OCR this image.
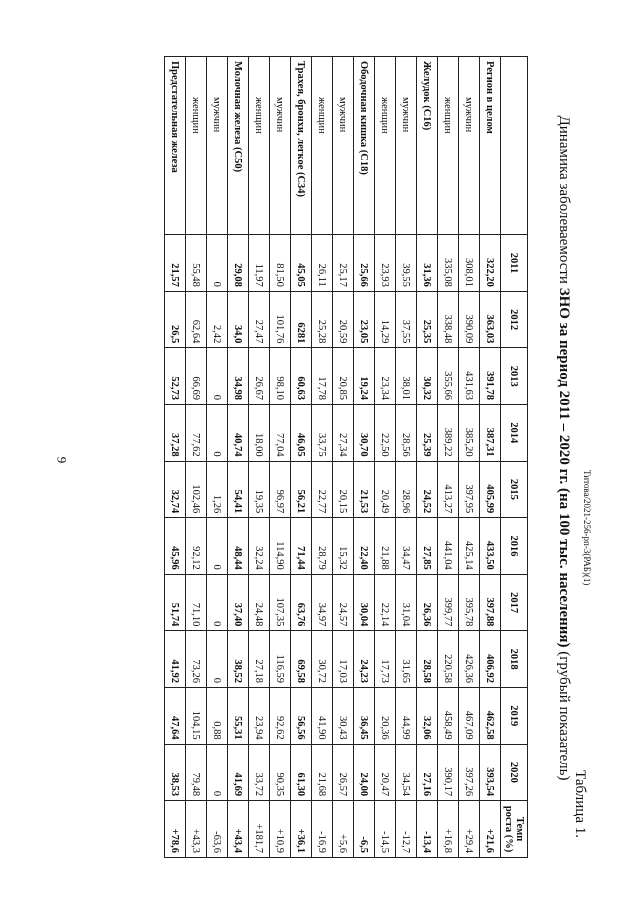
9
Титова/2021-256-рп-3(РАБ)(1)
Таблица 1.
Динамика заболеваемости ЗНО за период 2011 – 2020 гг. (на 100 тыс. населения) (грубый показатель)
	2011	2012	2013	2014	2015	2016	2017	2018	2019	2020	Темп роста (%)
Регион в целом	322,20	363,03	391,78	387,31	405,99	433,50	397,88	406,92	462,58	393,54	+21,6
мужчин	308,01	390,09	431,63	385,20	397,95	425,14	395,78	426,36	467,09	397,26	+29,4
женщин	335,08	338,48	355,66	389,22	413,27	441,04	399,77	220,58	458,49	390,17	+16,8
Желудок (С16)	31,36	25,35	30,32	25,39	24,52	27,85	26,36	28,58	32,06	27,16	-13,4
мужчин	39,55	37,55	38,01	28,56	28,96	34,47	31,04	31,65	44,99	34,54	-12,7
женщин	23,93	14,29	23,34	22,50	20,49	21,88	22,14	17,73	20,36	20,47	-14,5
Ободочная кишка (С18)	25,66	23,05	19,24	30,70	21,53	22,40	30,04	24,23	36,45	24,00	-6,5
мужчин	25,17	20,59	20,85	27,34	20,15	15,32	24,57	17,03	30,43	26,57	+5,6
женщин	26,11	25,28	17,78	33,75	22,77	28,79	34,97	30,72	41,90	21,68	-16,9
Трахея, бронхи, легкое (С34)	45,05	6281	60,63	46,05	56,21	71,44	63,76	69,58	56,56	61,30	+36,1
мужчин	81,50	101,76	98,10	77,04	96,97	114,90	107,35	116,59	92,62	90,35	+10,9
женщин	11,97	27,47	26,67	18,00	19,35	32,24	24,48	27,18	23,94	33,72	+181,7
Молочная железа (С50)	29,08	34,0	34,98	40,74	54,41	48,44	37,40	38,52	55,31	41,69	+43,4
мужчин	0	2,42	0	0	1,26	0	0	0	0,88	0	-63,6
женщин	55,48	62,64	66,69	77,62	102,46	92,12	71,10	73,26	104,15	79,48	+43,3
Предстательная железа	21,57	26,5	52,73	37,28	32,74	45,96	51,74	41,92	47,64	38,53	+78,6
